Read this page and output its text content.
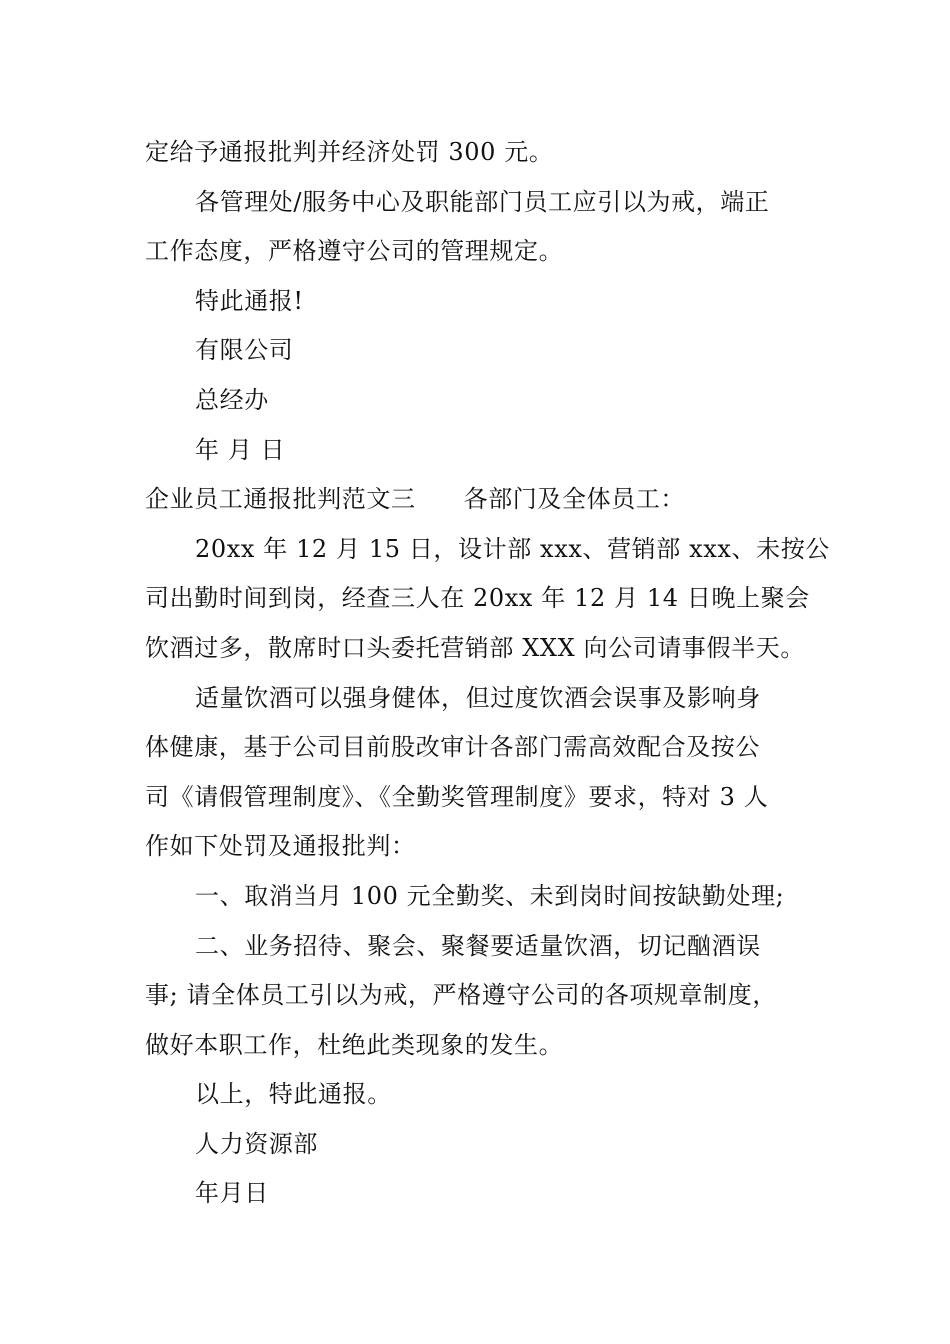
定给予通报批判并经济处罚 300 元。
各管理处/服务中心及职能部门员工应引以为戒，端正
工作态度，严格遵守公司的管理规定。
特此通报!
有限公司
总经办
年 月 日
企业员工通报批判范文三 各部门及全体员工：
20xx 年 12 月 15 日，设计部 xxx、营销部 xxx、未按公
司出勤时间到岗，经查三人在 20xx 年 12 月 14 日晚上聚会
饮酒过多，散席时口头委托营销部 XXX 向公司请事假半天。
适量饮酒可以强身健体，但过度饮酒会误事及影响身
体健康，基于公司目前股改审计各部门需高效配合及按公
司《请假管理制度》、《全勤奖管理制度》要求，特对 3 人
作如下处罚及通报批判：
一、取消当月 100 元全勤奖、未到岗时间按缺勤处理;
二、业务招待、聚会、聚餐要适量饮酒，切记酗酒误
事; 请全体员工引以为戒，严格遵守公司的各项规章制度，
做好本职工作，杜绝此类现象的发生。
以上，特此通报。
人力资源部
年月日
